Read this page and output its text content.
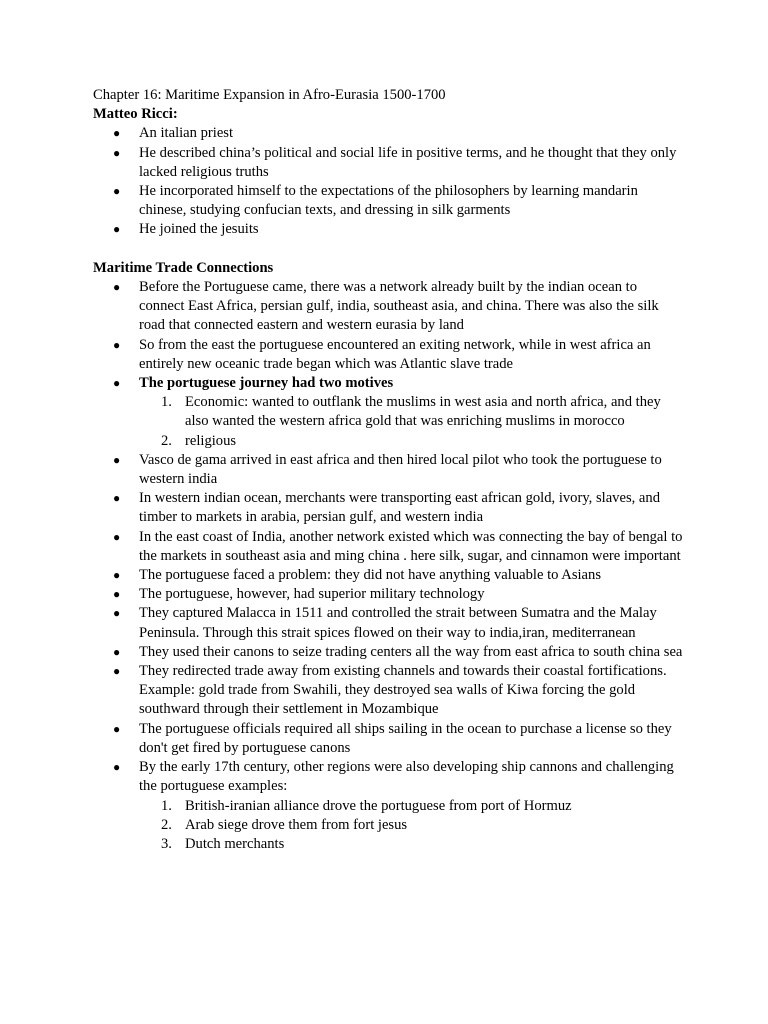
Chapter 16: Maritime Expansion in Afro-Eurasia 1500-1700

Matteo Ricci:

● An italian priest
● He described china’s political and social life in positive terms, and he thought that they only lacked religious truths
● He incorporated himself to the expectations of the philosophers by learning mandarin chinese, studying confucian texts, and dressing in silk garments
● He joined the jesuits

Maritime Trade Connections

● Before the Portuguese came, there was a network already built by the indian ocean to connect East Africa, persian gulf, india, southeast asia, and china. There was also the silk road that connected eastern and western eurasia by land
● So from the east the portuguese encountered an exiting network, while in west africa an entirely new oceanic trade began which was Atlantic slave trade
● The portuguese journey had two motives
1. Economic: wanted to outflank the muslims in west asia and north africa, and they also wanted the western africa gold that was enriching muslims in morocco
2. religious
● Vasco de gama arrived in east africa and then hired local pilot who took the portuguese to western india
● In western indian ocean, merchants were transporting east african gold, ivory, slaves, and timber to markets in arabia, persian gulf, and western india
● In the east coast of India, another network existed which was connecting the bay of bengal to the markets in southeast asia and ming china . here silk, sugar, and cinnamon were important
● The portuguese faced a problem: they did not have anything valuable to Asians
● The portuguese, however, had superior military technology
● They captured Malacca in 1511 and controlled the strait between Sumatra and the Malay Peninsula. Through this strait spices flowed on their way to india,iran, mediterranean
● They used their canons to seize trading centers all the way from east africa to south china sea
● They redirected trade away from existing channels and towards their coastal fortifications. Example: gold trade from Swahili, they destroyed sea walls of Kiwa forcing the gold southward through their settlement in Mozambique
● The portuguese officials required all ships sailing in the ocean to purchase a license so they don't get fired by portuguese canons
● By the early 17th century, other regions were also developing ship cannons and challenging the portuguese examples:
1. British-iranian alliance drove the portuguese from port of Hormuz
2. Arab siege drove them from fort jesus
3. Dutch merchants
